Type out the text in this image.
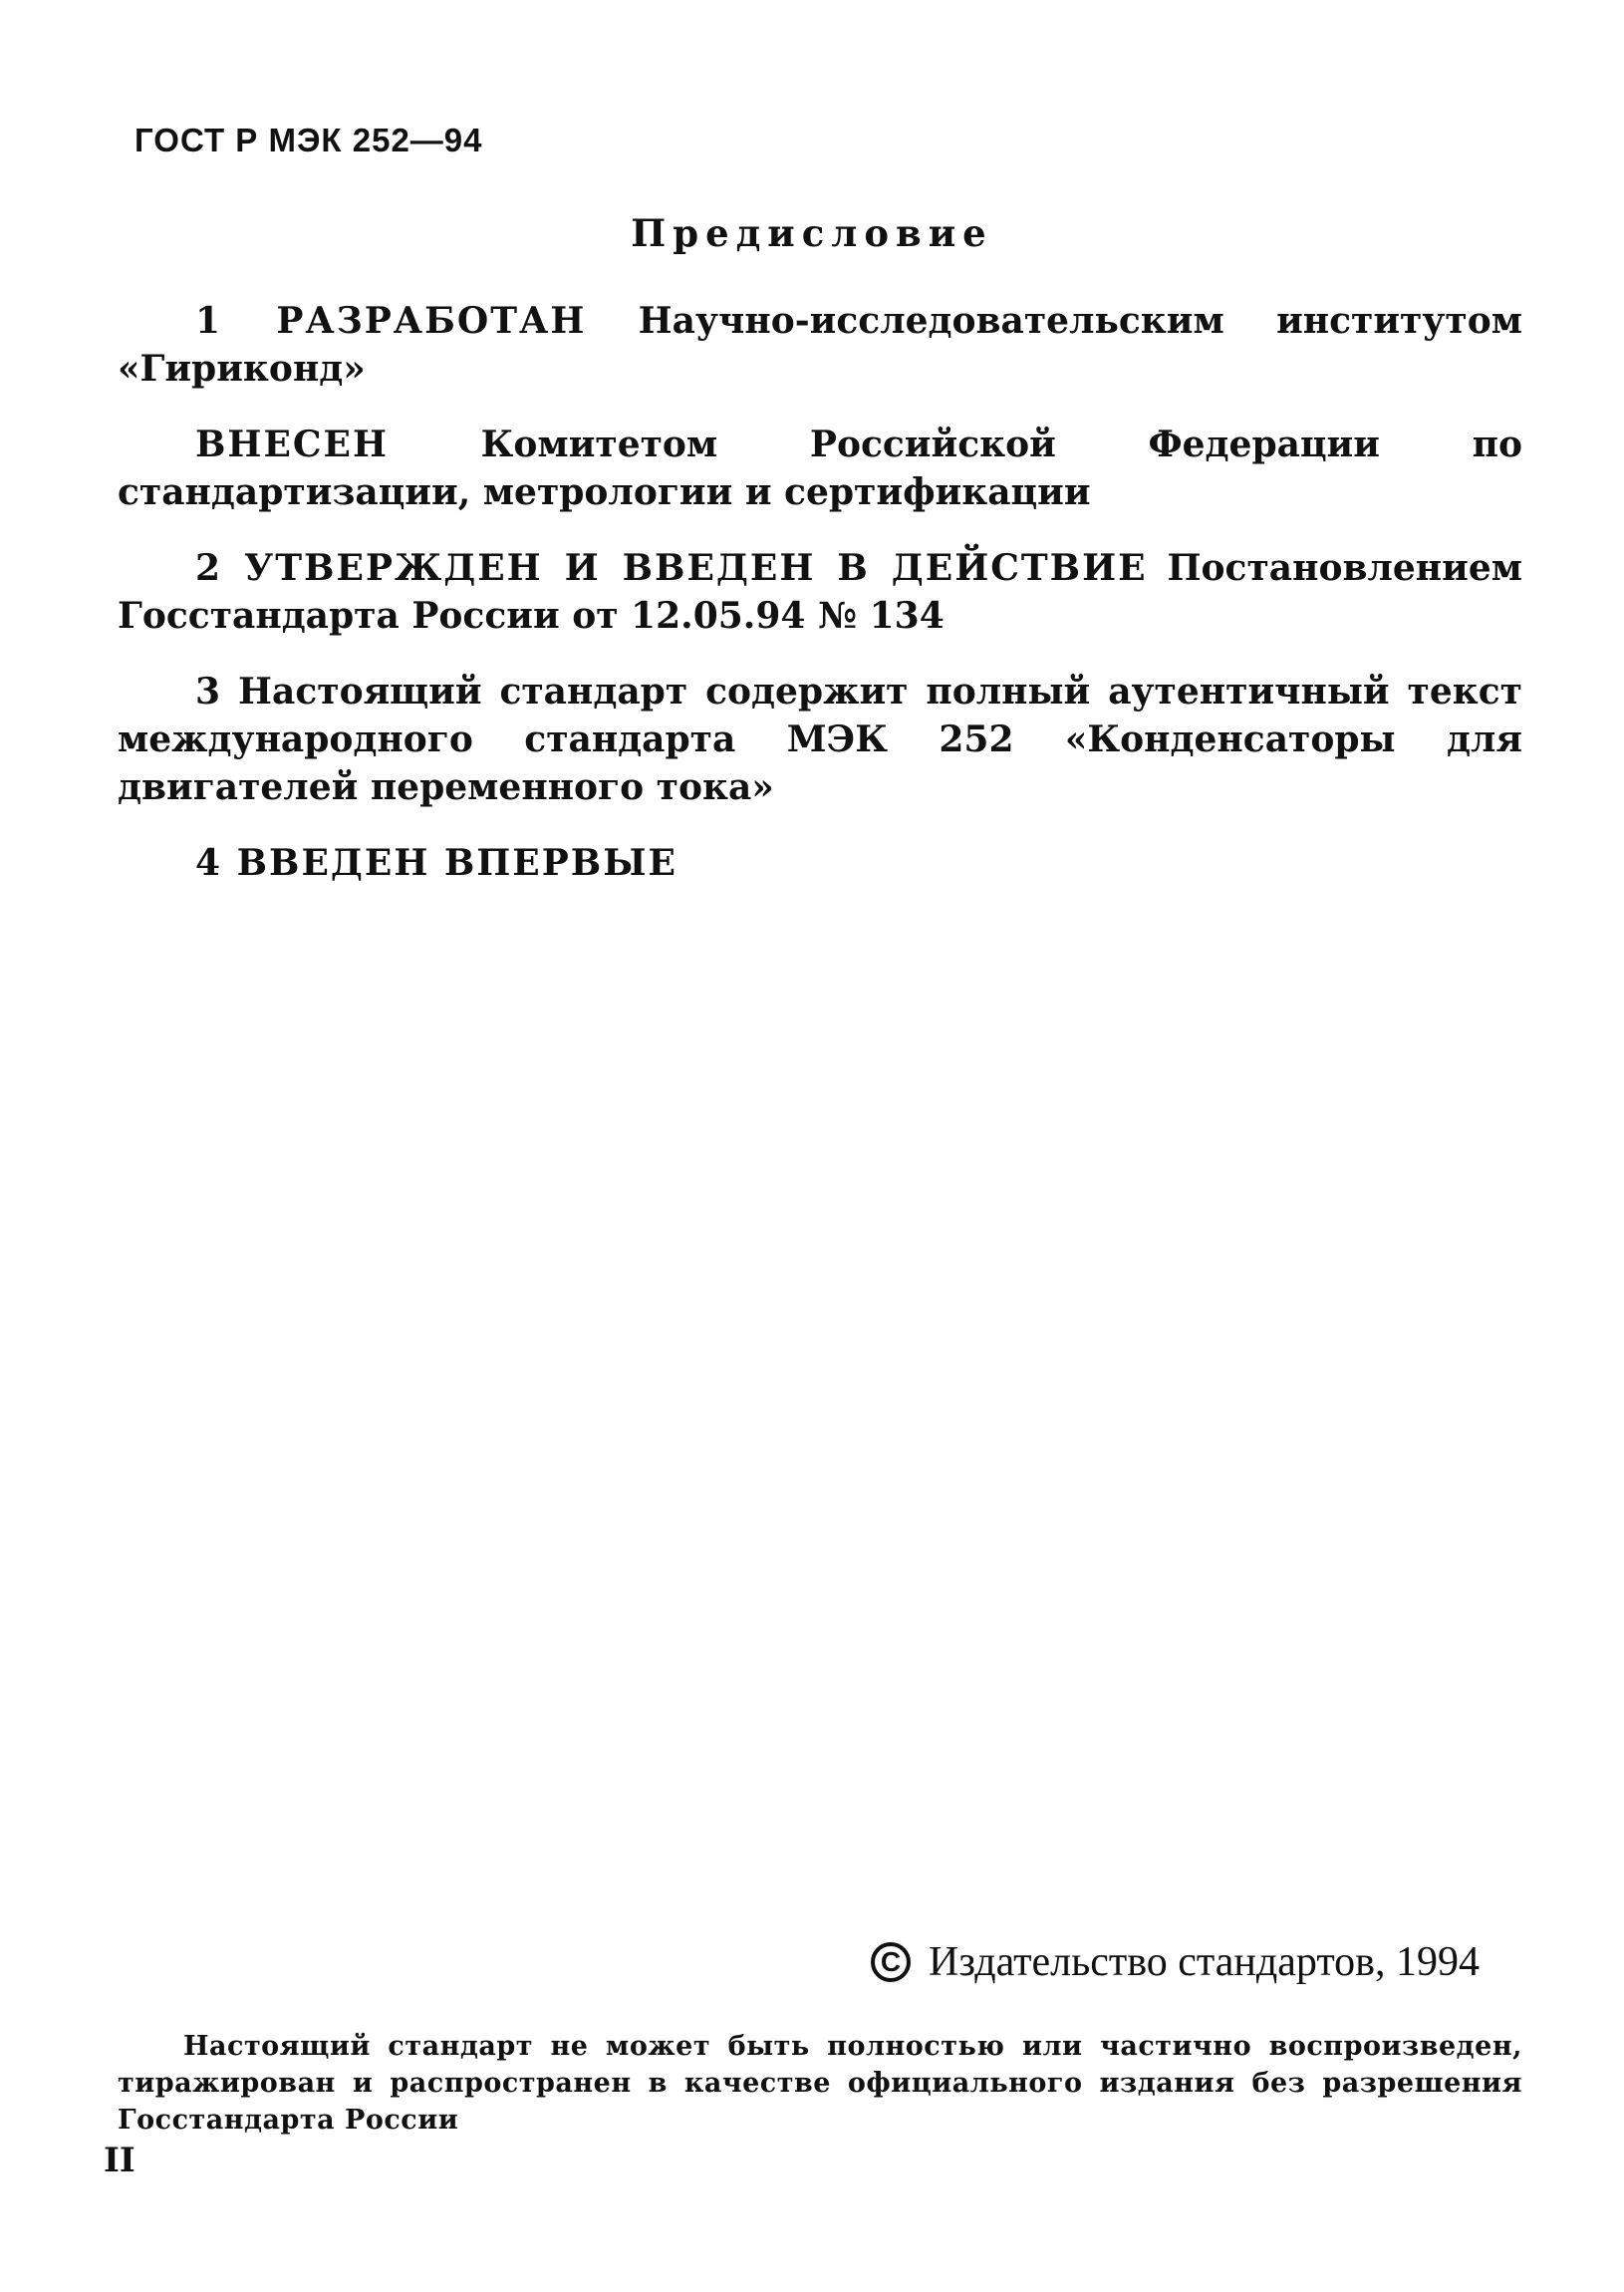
ГОСТ Р МЭК 252—94
Предисловие

1 РАЗРАБОТАН Научно-исследовательским институтом «Гириконд»

ВНЕСЕН	Комитетом Российской Федерации по стандартизации, метрологии и сертификации

2 УТВЕРЖДЕН И ВВЕДЕН В ДЕЙСТВИЕ Постановлением Госстандарта России от 12.05.94 № 134

3 Настоящий стандарт содержит полный аутентичный текст международного стандарта МЭК 252 «Конденсаторы для двигателей переменного тока»

4 ВВЕДЕН ВПЕРВЫЕ

C Издательство стандартов, 1994
Настоящий стандарт не может быть полностью или частично воспроизведен, тиражирован и распространен в качестве официального издания без разрешения Госстандарта России
II
